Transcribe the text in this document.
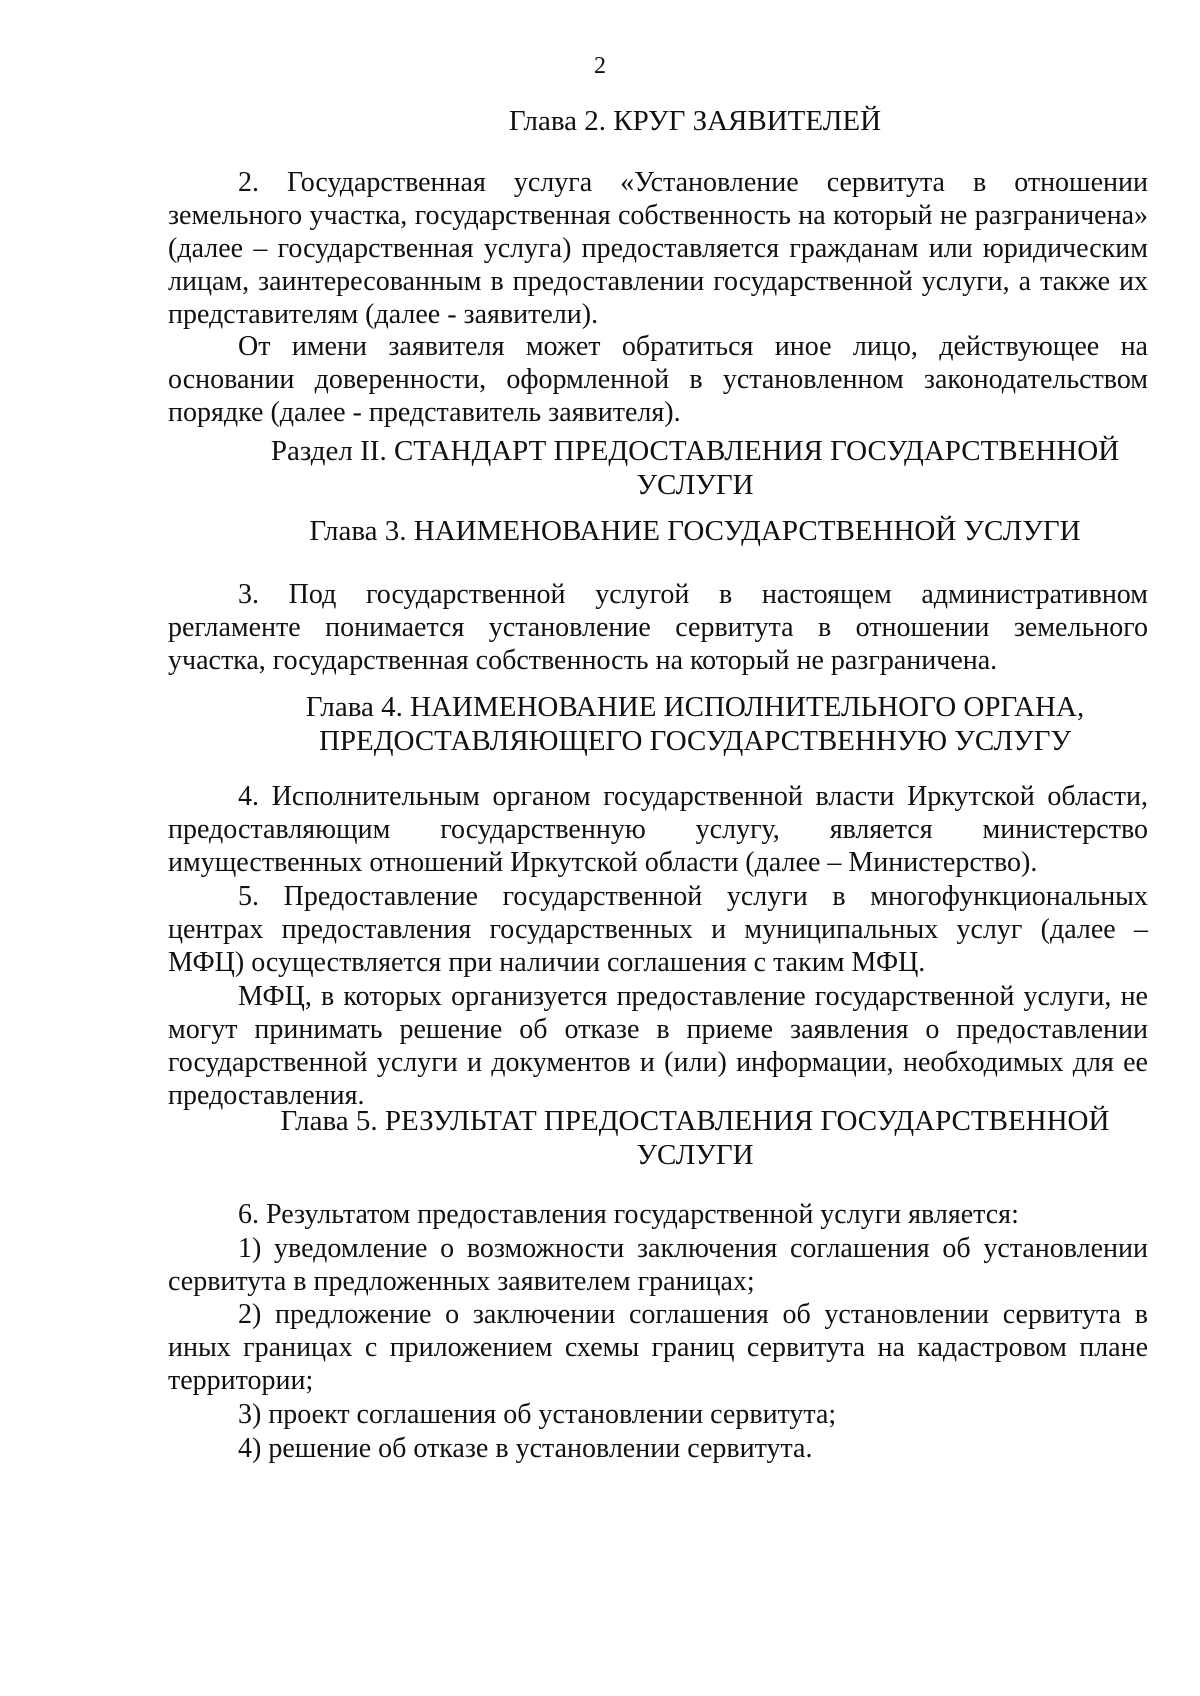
2
Глава 2. КРУГ ЗАЯВИТЕЛЕЙ

2. Государственная услуга «Установление сервитута в отношении земельного участка, государственная собственность на который не разграничена» (далее – государственная услуга) предоставляется гражданам или юридическим лицам, заинтересованным в предоставлении государственной услуги, а также их представителям (далее - заявители).

От имени заявителя может обратиться иное лицо, действующее на основании доверенности, оформленной в установленном законодательством порядке (далее - представитель заявителя).

Раздел II. СТАНДАРТ ПРЕДОСТАВЛЕНИЯ ГОСУДАРСТВЕННОЙ
УСЛУГИ
Глава 3. НАИМЕНОВАНИЕ ГОСУДАРСТВЕННОЙ УСЛУГИ

3. Под государственной услугой в настоящем административном регламенте понимается установление сервитута в отношении земельного участка, государственная собственность на который не разграничена.

Глава 4. НАИМЕНОВАНИЕ ИСПОЛНИТЕЛЬНОГО ОРГАНА,
ПРЕДОСТАВЛЯЮЩЕГО ГОСУДАРСТВЕННУЮ УСЛУГУ

4. Исполнительным органом государственной власти Иркутской области, предоставляющим государственную услугу, является министерство имущественных отношений Иркутской области (далее – Министерство).

5. Предоставление государственной услуги в многофункциональных центрах предоставления государственных и муниципальных услуг (далее – МФЦ) осуществляется при наличии соглашения с таким МФЦ.

МФЦ, в которых организуется предоставление государственной услуги, не могут принимать решение об отказе в приеме заявления о предоставлении государственной услуги и документов и (или) информации, необходимых для ее предоставления.

Глава 5. РЕЗУЛЬТАТ ПРЕДОСТАВЛЕНИЯ ГОСУДАРСТВЕННОЙ
УСЛУГИ

6. Результатом предоставления государственной услуги является:

1) уведомление о возможности заключения соглашения об установлении сервитута в предложенных заявителем границах;

2) предложение о заключении соглашения об установлении сервитута в иных границах с приложением схемы границ сервитута на кадастровом плане территории;

3) проект соглашения об установлении сервитута;

4) решение об отказе в установлении сервитута.
